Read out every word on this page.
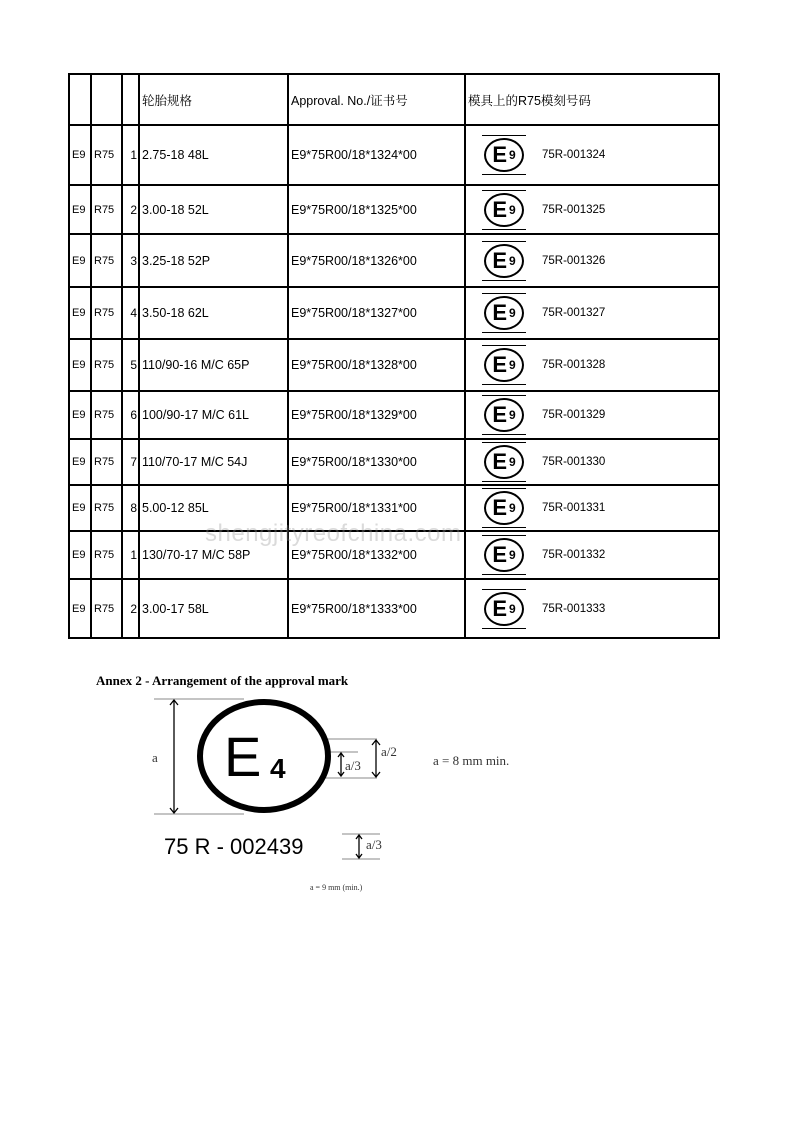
			轮胎规格	Approval. No./证书号	模具上的R75模刻号码
E9	R75	1	2.75-18 48L	E9*75R00/18*1324*00	E 9 75R-001324
E9	R75	2	3.00-18 52L	E9*75R00/18*1325*00	E 9 75R-001325
E9	R75	3	3.25-18 52P	E9*75R00/18*1326*00	E 9 75R-001326
E9	R75	4	3.50-18 62L	E9*75R00/18*1327*00	E 9 75R-001327
E9	R75	5	110/90-16 M/C 65P	E9*75R00/18*1328*00	E 9 75R-001328
E9	R75	6	100/90-17 M/C 61L	E9*75R00/18*1329*00	E 9 75R-001329
E9	R75	7	110/70-17 M/C 54J	E9*75R00/18*1330*00	E 9 75R-001330
E9	R75	8	5.00-12 85L	E9*75R00/18*1331*00	E 9 75R-001331
E9	R75	1	130/70-17 M/C 58P	E9*75R00/18*1332*00	E 9 75R-001332
E9	R75	2	3.00-17 58L	E9*75R00/18*1333*00	E 9 75R-001333
shengjityreofchina.com
Annex 2 - Arrangement of the approval mark
E 4
a
a/3
a/2
a = 8 mm min.
75 R - 002439	a/3
a = 9 mm (min.)
